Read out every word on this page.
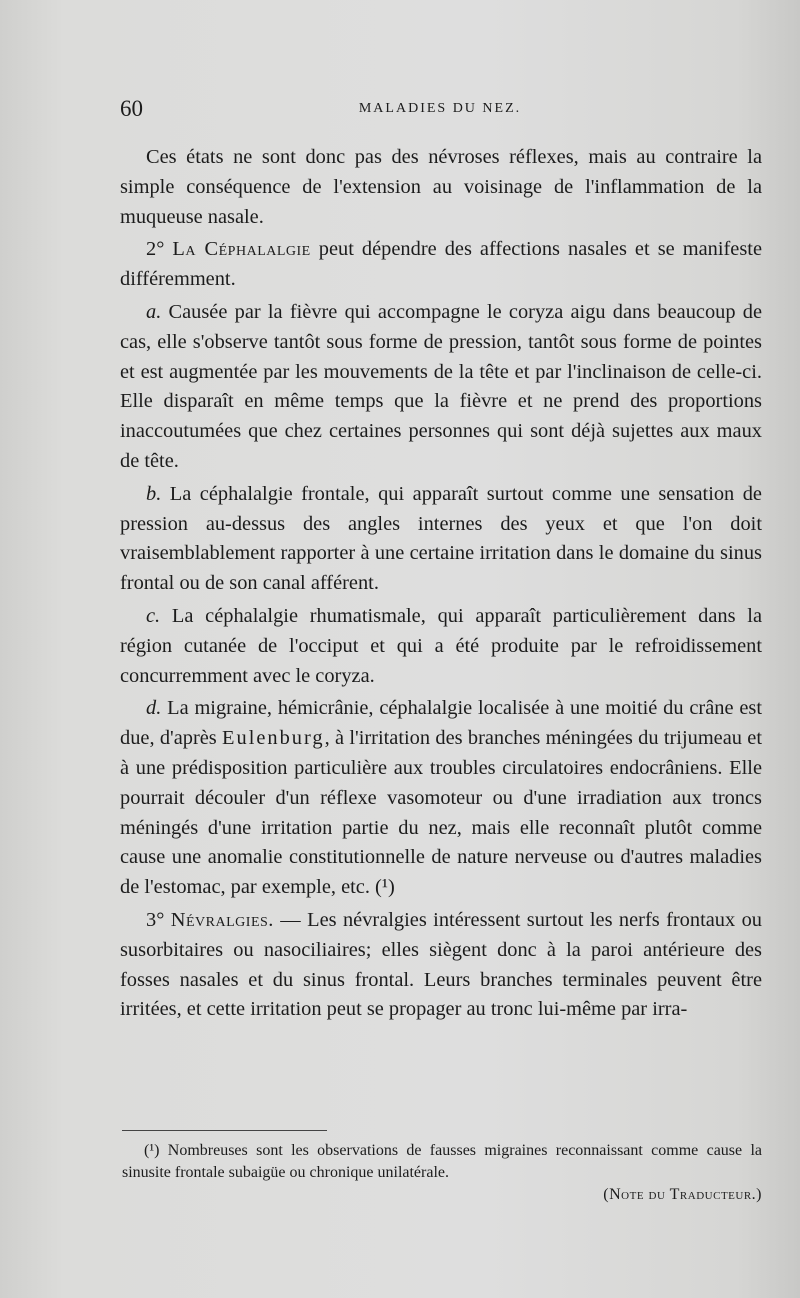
60	MALADIES DU NEZ.

Ces états ne sont donc pas des névroses réflexes, mais au contraire la simple conséquence de l'extension au voisinage de l'inflammation de la muqueuse nasale.

2° La Céphalalgie peut dépendre des affections nasales et se manifeste différemment.

a. Causée par la fièvre qui accompagne le coryza aigu dans beaucoup de cas, elle s'observe tantôt sous forme de pression, tantôt sous forme de pointes et est augmentée par les mouvements de la tête et par l'inclinaison de celle-ci. Elle disparaît en même temps que la fièvre et ne prend des proportions inaccoutumées que chez certaines personnes qui sont déjà sujettes aux maux de tête.

b. La céphalalgie frontale, qui apparaît surtout comme une sensation de pression au-dessus des angles internes des yeux et que l'on doit vraisemblablement rapporter à une certaine irritation dans le domaine du sinus frontal ou de son canal afférent.

c. La céphalalgie rhumatismale, qui apparaît particulièrement dans la région cutanée de l'occiput et qui a été produite par le refroidissement concurremment avec le coryza.

d. La migraine, hémicrânie, céphalalgie localisée à une moitié du crâne est due, d'après Eulenburg, à l'irritation des branches méningées du trijumeau et à une prédisposition particulière aux troubles circulatoires endocrâniens. Elle pourrait découler d'un réflexe vasomoteur ou d'une irradiation aux troncs méningés d'une irritation partie du nez, mais elle reconnaît plutôt comme cause une anomalie constitutionnelle de nature nerveuse ou d'autres maladies de l'estomac, par exemple, etc. (¹)

3° Névralgies. — Les névralgies intéressent surtout les nerfs frontaux ou susorbitaires ou nasociliaires; elles siègent donc à la paroi antérieure des fosses nasales et du sinus frontal. Leurs branches terminales peuvent être irritées, et cette irritation peut se propager au tronc lui-même par irra-

(¹) Nombreuses sont les observations de fausses migraines reconnaissant comme cause la sinusite frontale subaigüe ou chronique unilatérale.

(Note du Traducteur.)
